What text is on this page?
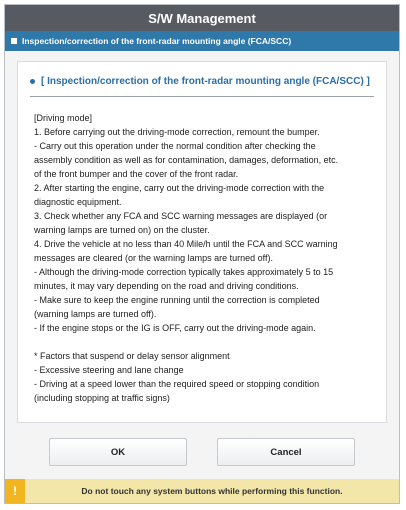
S/W Management
Inspection/correction of the front-radar mounting angle (FCA/SCC)
[ Inspection/correction of the front-radar mounting angle (FCA/SCC) ]
[Driving mode]
1. Before carrying out the driving-mode correction, remount the bumper.
- Carry out this operation under the normal condition after checking the
assembly condition as well as for contamination, damages, deformation, etc.
of the front bumper and the cover of the front radar.
2. After starting the engine, carry out the driving-mode correction with the
diagnostic equipment.
3. Check whether any FCA and SCC warning messages are displayed (or
warning lamps are turned on) on the cluster.
4. Drive the vehicle at no less than 40 Mile/h until the FCA and SCC warning
messages are cleared (or the warning lamps are turned off).
- Although the driving-mode correction typically takes approximately 5 to 15
minutes, it may vary depending on the road and driving conditions.
- Make sure to keep the engine running until the correction is completed
(warning lamps are turned off).
- If the engine stops or the IG is OFF, carry out the driving-mode again.
* Factors that suspend or delay sensor alignment
- Excessive steering and lane change
- Driving at a speed lower than the required speed or stopping condition
(including stopping at traffic signs)
OK	Cancel
!	Do not touch any system buttons while performing this function.
